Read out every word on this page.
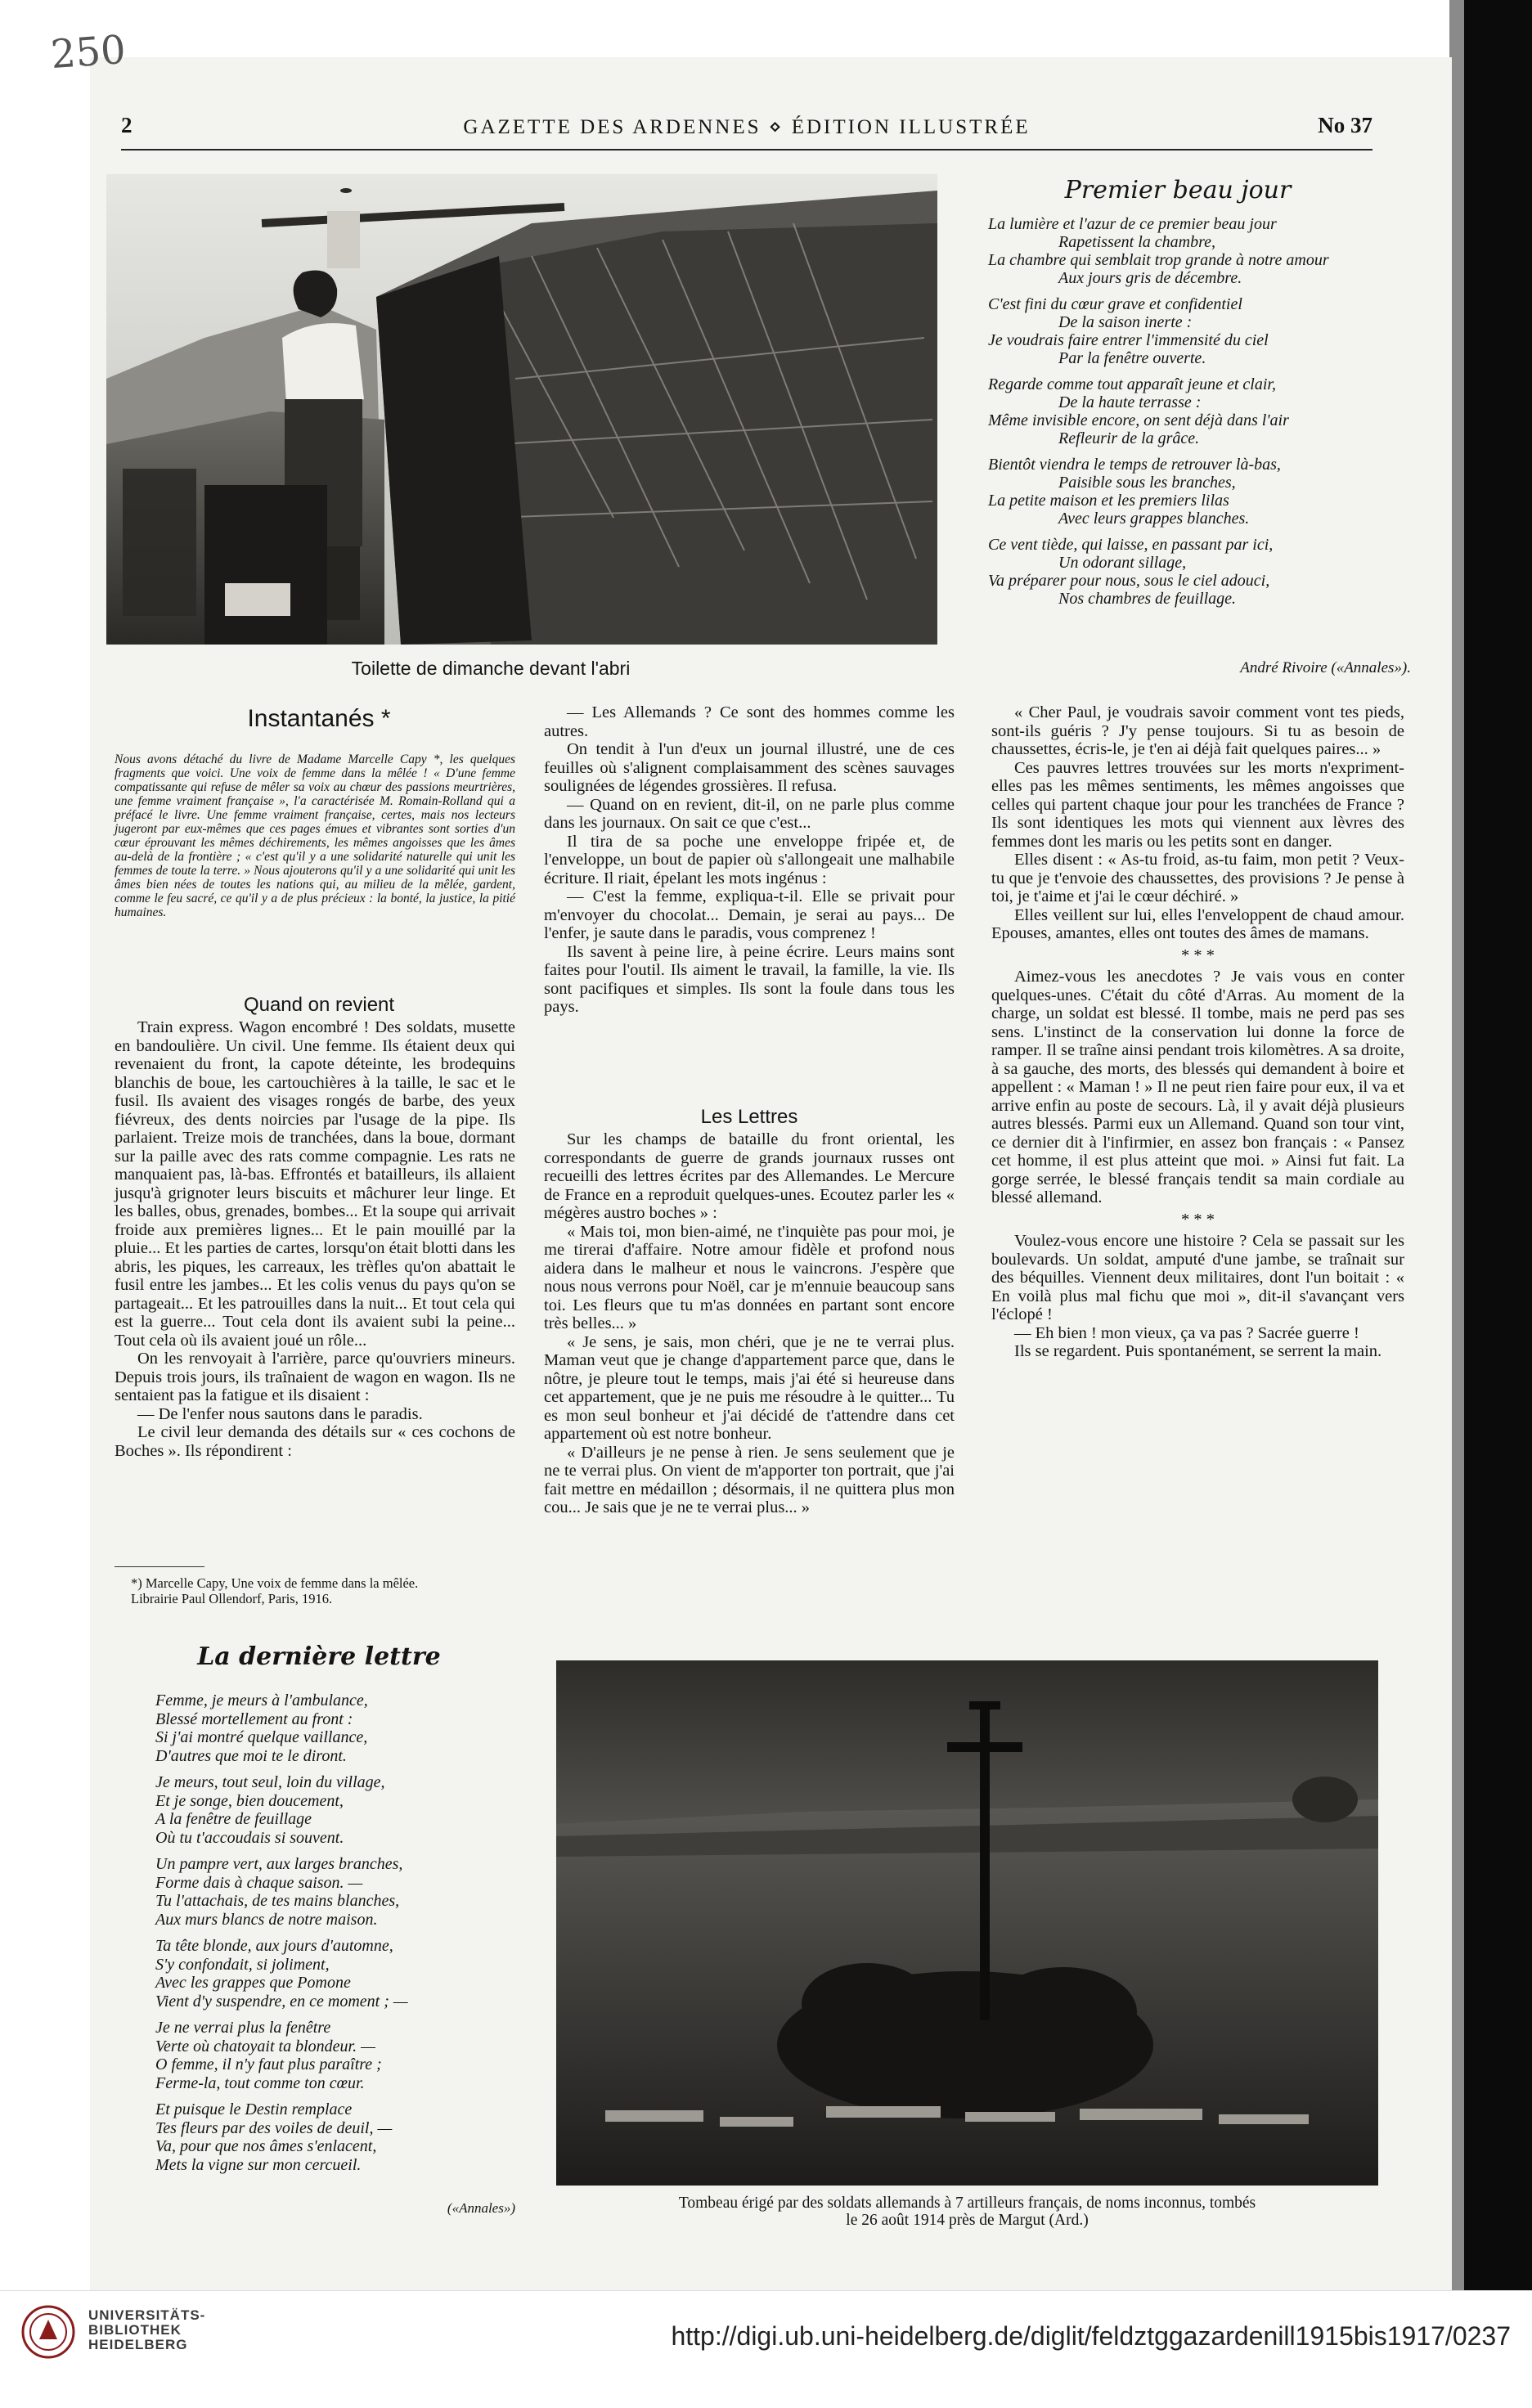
250
2	GAZETTE DES ARDENNES ⋄ ÉDITION ILLUSTRÉE	No 37
Toilette de dimanche devant l'abri
Premier beau jour

La lumière et l'azur de ce premier beau jour
Rapetissent la chambre,
La chambre qui semblait trop grande à notre amour
Aux jours gris de décembre.

C'est fini du cœur grave et confidentiel
De la saison inerte :
Je voudrais faire entrer l'immensité du ciel
Par la fenêtre ouverte.

Regarde comme tout apparaît jeune et clair,
De la haute terrasse :
Même invisible encore, on sent déjà dans l'air
Refleurir de la grâce.

Bientôt viendra le temps de retrouver là-bas,
Paisible sous les branches,
La petite maison et les premiers lilas
Avec leurs grappes blanches.

Ce vent tiède, qui laisse, en passant par ici,
Un odorant sillage,
Va préparer pour nous, sous le ciel adouci,
Nos chambres de feuillage.

André Rivoire («Annales»).
Instantanés *
Nous avons détaché du livre de Madame Marcelle Capy *, les quelques fragments que voici. Une voix de femme dans la mêlée ! « D'une femme compatissante qui refuse de mêler sa voix au chœur des passions meurtrières, une femme vraiment française », l'a caractérisée M. Romain-Rolland qui a préfacé le livre. Une femme vraiment française, certes, mais nos lecteurs jugeront par eux-mêmes que ces pages émues et vibrantes sont sorties d'un cœur éprouvant les mêmes déchirements, les mêmes angoisses que les âmes au-delà de la frontière ; « c'est qu'il y a une solidarité naturelle qui unit les femmes de toute la terre. » Nous ajouterons qu'il y a une solidarité qui unit les âmes bien nées de toutes les nations qui, au milieu de la mêlée, gardent, comme le feu sacré, ce qu'il y a de plus précieux : la bonté, la justice, la pitié humaines.
Quand on revient

Train express. Wagon encombré ! Des soldats, musette en bandoulière. Un civil. Une femme. Ils étaient deux qui revenaient du front, la capote déteinte, les brodequins blanchis de boue, les cartouchières à la taille, le sac et le fusil. Ils avaient des visages rongés de barbe, des yeux fiévreux, des dents noircies par l'usage de la pipe. Ils parlaient. Treize mois de tranchées, dans la boue, dormant sur la paille avec des rats comme compagnie. Les rats ne manquaient pas, là-bas. Effrontés et batailleurs, ils allaient jusqu'à grignoter leurs biscuits et mâchurer leur linge. Et les balles, obus, grenades, bombes... Et la soupe qui arrivait froide aux premières lignes... Et le pain mouillé par la pluie... Et les parties de cartes, lorsqu'on était blotti dans les abris, les piques, les carreaux, les trèfles qu'on abattait le fusil entre les jambes... Et les colis venus du pays qu'on se partageait... Et les patrouilles dans la nuit... Et tout cela qui est la guerre... Tout cela dont ils avaient subi la peine... Tout cela où ils avaient joué un rôle...

On les renvoyait à l'arrière, parce qu'ouvriers mineurs. Depuis trois jours, ils traînaient de wagon en wagon. Ils ne sentaient pas la fatigue et ils disaient :

— De l'enfer nous sautons dans le paradis.

Le civil leur demanda des détails sur « ces cochons de Boches ». Ils répondirent :

*) Marcelle Capy, Une voix de femme dans la mêlée.
Librairie Paul Ollendorf, Paris, 1916.

— Les Allemands ? Ce sont des hommes comme les autres.

On tendit à l'un d'eux un journal illustré, une de ces feuilles où s'alignent complaisamment des scènes sauvages soulignées de légendes grossières. Il refusa.

— Quand on en revient, dit-il, on ne parle plus comme dans les journaux. On sait ce que c'est...

Il tira de sa poche une enveloppe fripée et, de l'enveloppe, un bout de papier où s'allongeait une malhabile écriture. Il riait, épelant les mots ingénus :

— C'est la femme, expliqua-t-il. Elle se privait pour m'envoyer du chocolat... Demain, je serai au pays... De l'enfer, je saute dans le paradis, vous comprenez !

Ils savent à peine lire, à peine écrire. Leurs mains sont faites pour l'outil. Ils aiment le travail, la famille, la vie. Ils sont pacifiques et simples. Ils sont la foule dans tous les pays.

Les Lettres

Sur les champs de bataille du front oriental, les correspondants de guerre de grands journaux russes ont recueilli des lettres écrites par des Allemandes. Le Mercure de France en a reproduit quelques-unes. Ecoutez parler les « mégères austro boches » :

« Mais toi, mon bien-aimé, ne t'inquiète pas pour moi, je me tirerai d'affaire. Notre amour fidèle et profond nous aidera dans le malheur et nous le vaincrons. J'espère que nous nous verrons pour Noël, car je m'ennuie beaucoup sans toi. Les fleurs que tu m'as données en partant sont encore très belles... »

« Je sens, je sais, mon chéri, que je ne te verrai plus. Maman veut que je change d'appartement parce que, dans le nôtre, je pleure tout le temps, mais j'ai été si heureuse dans cet appartement, que je ne puis me résoudre à le quitter... Tu es mon seul bonheur et j'ai décidé de t'attendre dans cet appartement où est notre bonheur.

« D'ailleurs je ne pense à rien. Je sens seulement que je ne te verrai plus. On vient de m'apporter ton portrait, que j'ai fait mettre en médaillon ; désormais, il ne quittera plus mon cou... Je sais que je ne te verrai plus... »

« Cher Paul, je voudrais savoir comment vont tes pieds, sont-ils guéris ? J'y pense toujours. Si tu as besoin de chaussettes, écris-le, je t'en ai déjà fait quelques paires... »

Ces pauvres lettres trouvées sur les morts n'expriment-elles pas les mêmes sentiments, les mêmes angoisses que celles qui partent chaque jour pour les tranchées de France ? Ils sont identiques les mots qui viennent aux lèvres des femmes dont les maris ou les petits sont en danger.

Elles disent : « As-tu froid, as-tu faim, mon petit ? Veux-tu que je t'envoie des chaussettes, des provisions ? Je pense à toi, je t'aime et j'ai le cœur déchiré. »

Elles veillent sur lui, elles l'enveloppent de chaud amour. Epouses, amantes, elles ont toutes des âmes de mamans.

* * *

Aimez-vous les anecdotes ? Je vais vous en conter quelques-unes. C'était du côté d'Arras. Au moment de la charge, un soldat est blessé. Il tombe, mais ne perd pas ses sens. L'instinct de la conservation lui donne la force de ramper. Il se traîne ainsi pendant trois kilomètres. A sa droite, à sa gauche, des morts, des blessés qui demandent à boire et appellent : « Maman ! » Il ne peut rien faire pour eux, il va et arrive enfin au poste de secours. Là, il y avait déjà plusieurs autres blessés. Parmi eux un Allemand. Quand son tour vint, ce dernier dit à l'infirmier, en assez bon français : « Pansez cet homme, il est plus atteint que moi. » Ainsi fut fait. La gorge serrée, le blessé français tendit sa main cordiale au blessé allemand.

* * *

Voulez-vous encore une histoire ? Cela se passait sur les boulevards. Un soldat, amputé d'une jambe, se traînait sur des béquilles. Viennent deux militaires, dont l'un boitait : « En voilà plus mal fichu que moi », dit-il s'avançant vers l'éclopé !

— Eh bien ! mon vieux, ça va pas ? Sacrée guerre !

Ils se regardent. Puis spontanément, se serrent la main.

La dernière lettre

Femme, je meurs à l'ambulance,
Blessé mortellement au front :
Si j'ai montré quelque vaillance,
D'autres que moi te le diront.

Je meurs, tout seul, loin du village,
Et je songe, bien doucement,
A la fenêtre de feuillage
Où tu t'accoudais si souvent.

Un pampre vert, aux larges branches,
Forme dais à chaque saison. —
Tu l'attachais, de tes mains blanches,
Aux murs blancs de notre maison.

Ta tête blonde, aux jours d'automne,
S'y confondait, si joliment,
Avec les grappes que Pomone
Vient d'y suspendre, en ce moment ; —

Je ne verrai plus la fenêtre
Verte où chatoyait ta blondeur. —
O femme, il n'y faut plus paraître ;
Ferme-la, tout comme ton cœur.

Et puisque le Destin remplace
Tes fleurs par des voiles de deuil, —
Va, pour que nos âmes s'enlacent,
Mets la vigne sur mon cercueil.

(«Annales»)	Tombeau érigé par des soldats allemands à 7 artilleurs français, de noms inconnus, tombés
le 26 août 1914 près de Margut (Ard.)
UNIVERSITÄTS-
BIBLIOTHEK
HEIDELBERG	http://digi.ub.uni-heidelberg.de/diglit/feldztggazardenill1915bis1917/0237
